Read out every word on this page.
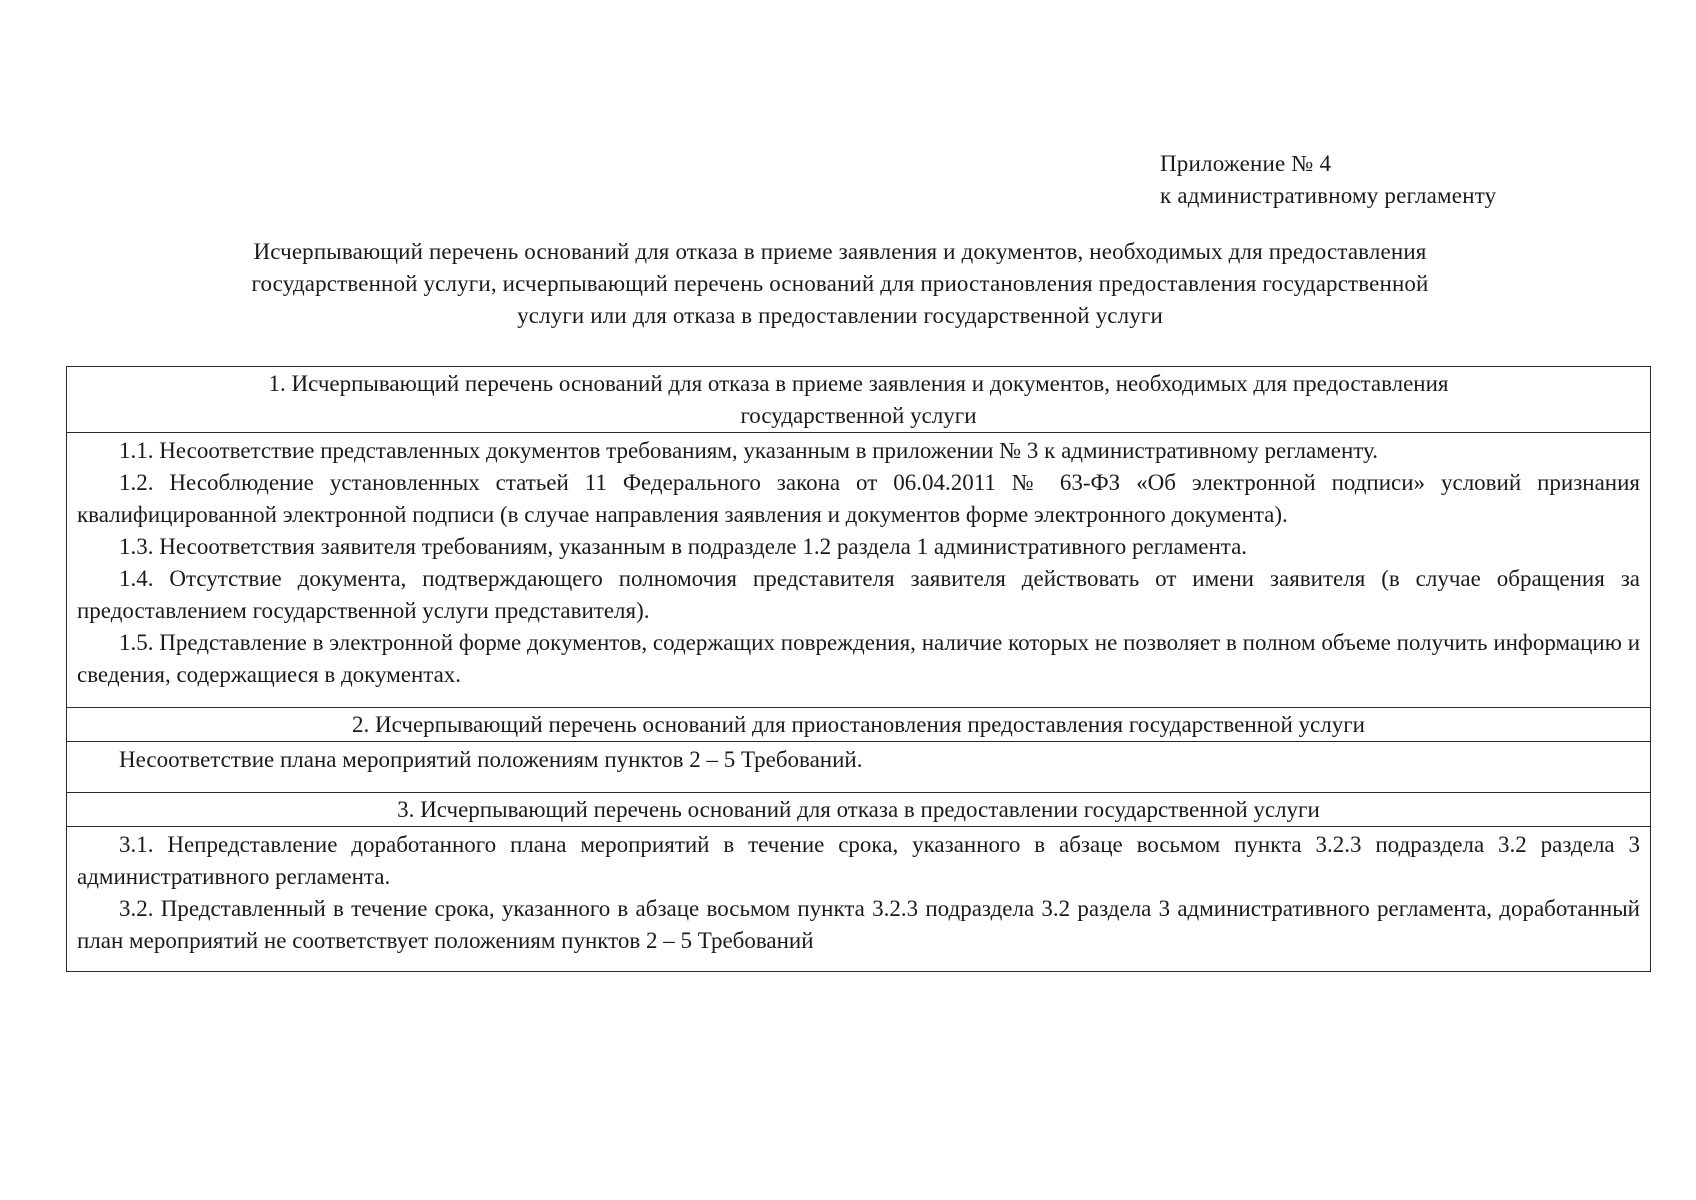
Приложение № 4
к административному регламенту
Исчерпывающий перечень оснований для отказа в приеме заявления и документов, необходимых для предоставления
государственной услуги, исчерпывающий перечень оснований для приостановления предоставления государственной
услуги или для отказа в предоставлении государственной услуги
1. Исчерпывающий перечень оснований для отказа в приеме заявления и документов, необходимых для предоставления
государственной услуги

1.1. Несоответствие представленных документов требованиям, указанным в приложении № 3 к административному регламенту.

1.2. Несоблюдение установленных статьей 11 Федерального закона от 06.04.2011 № 63-ФЗ «Об электронной подписи» условий признания квалифицированной электронной подписи (в случае направления заявления и документов форме электронного документа).

1.3. Несоответствия заявителя требованиям, указанным в подразделе 1.2 раздела 1 административного регламента.

1.4. Отсутствие документа, подтверждающего полномочия представителя заявителя действовать от имени заявителя (в случае обращения за предоставлением государственной услуги представителя).

1.5. Представление в электронной форме документов, содержащих повреждения, наличие которых не позволяет в полном объеме получить информацию и сведения, содержащиеся в документах.

2. Исчерпывающий перечень оснований для приостановления предоставления государственной услуги

Несоответствие плана мероприятий положениям пунктов 2 – 5 Требований.

3. Исчерпывающий перечень оснований для отказа в предоставлении государственной услуги

3.1. Непредставление доработанного плана мероприятий в течение срока, указанного в абзаце восьмом пункта 3.2.3 подраздела 3.2 раздела 3 административного регламента.

3.2. Представленный в течение срока, указанного в абзаце восьмом пункта 3.2.3 подраздела 3.2 раздела 3 административного регламента, доработанный план мероприятий не соответствует положениям пунктов 2 – 5 Требований
